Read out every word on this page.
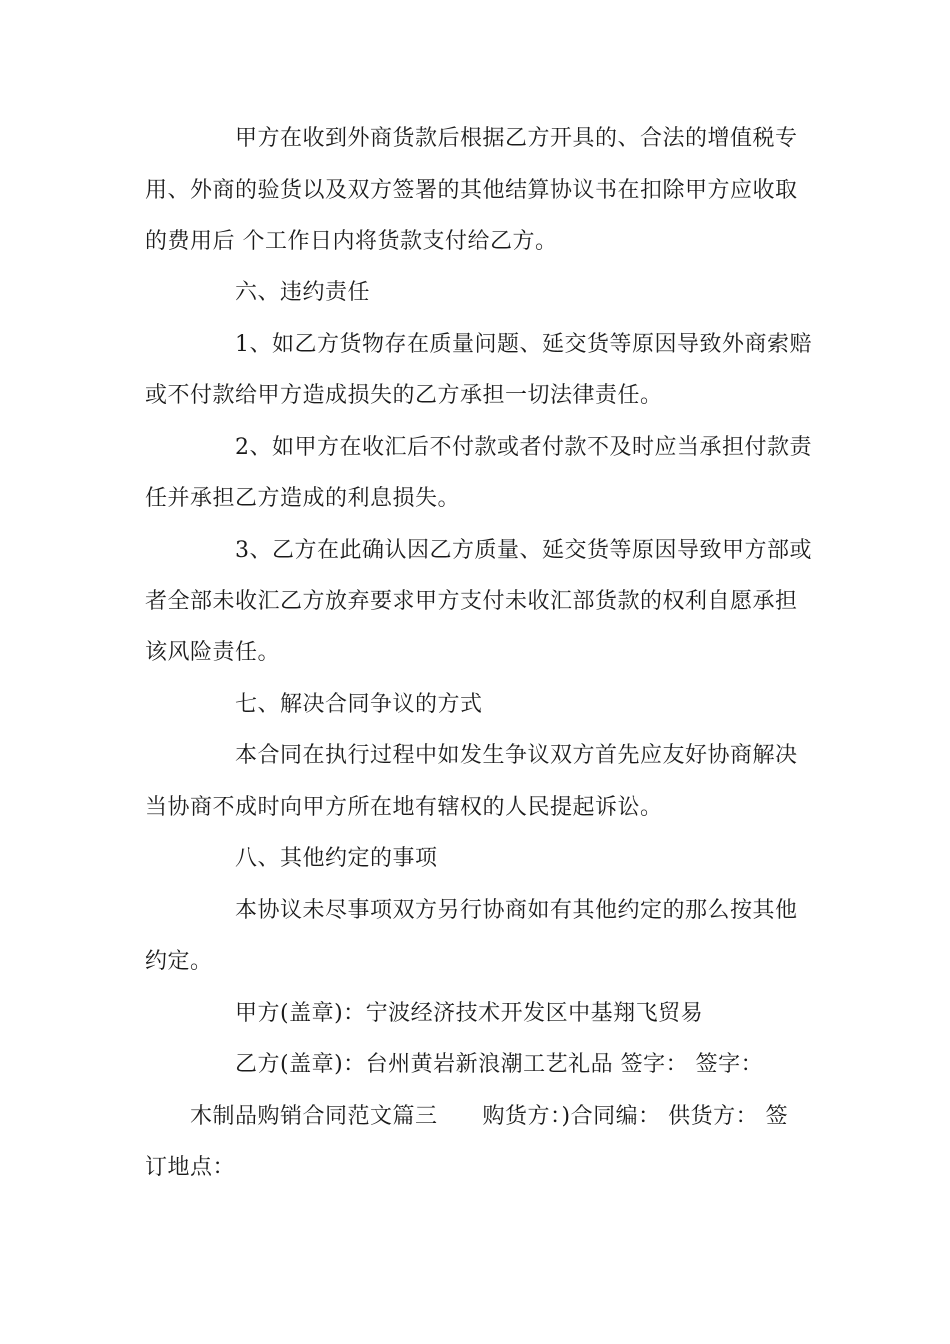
甲方在收到外商货款后根据乙方开具的、合法的增值税专
用、外商的验货以及双方签署的其他结算协议书在扣除甲方应收取
的费用后 个工作日内将货款支付给乙方。
六、违约责任
1、如乙方货物存在质量问题、延交货等原因导致外商索赔
或不付款给甲方造成损失的乙方承担一切法律责任。
2、如甲方在收汇后不付款或者付款不及时应当承担付款责
任并承担乙方造成的利息损失。
3、乙方在此确认因乙方质量、延交货等原因导致甲方部或
者全部未收汇乙方放弃要求甲方支付未收汇部货款的权利自愿承担
该风险责任。
七、解决合同争议的方式
本合同在执行过程中如发生争议双方首先应友好协商解决
当协商不成时向甲方所在地有辖权的人民提起诉讼。
八、其他约定的事项
本协议未尽事项双方另行协商如有其他约定的那么按其他
约定。
甲方(盖章)：宁波经济技术开发区中基翔飞贸易
乙方(盖章)：台州黄岩新浪潮工艺礼品 签字： 签字：
木制品购销合同范文篇三　　购货方：)合同编： 供货方： 签
订地点：
